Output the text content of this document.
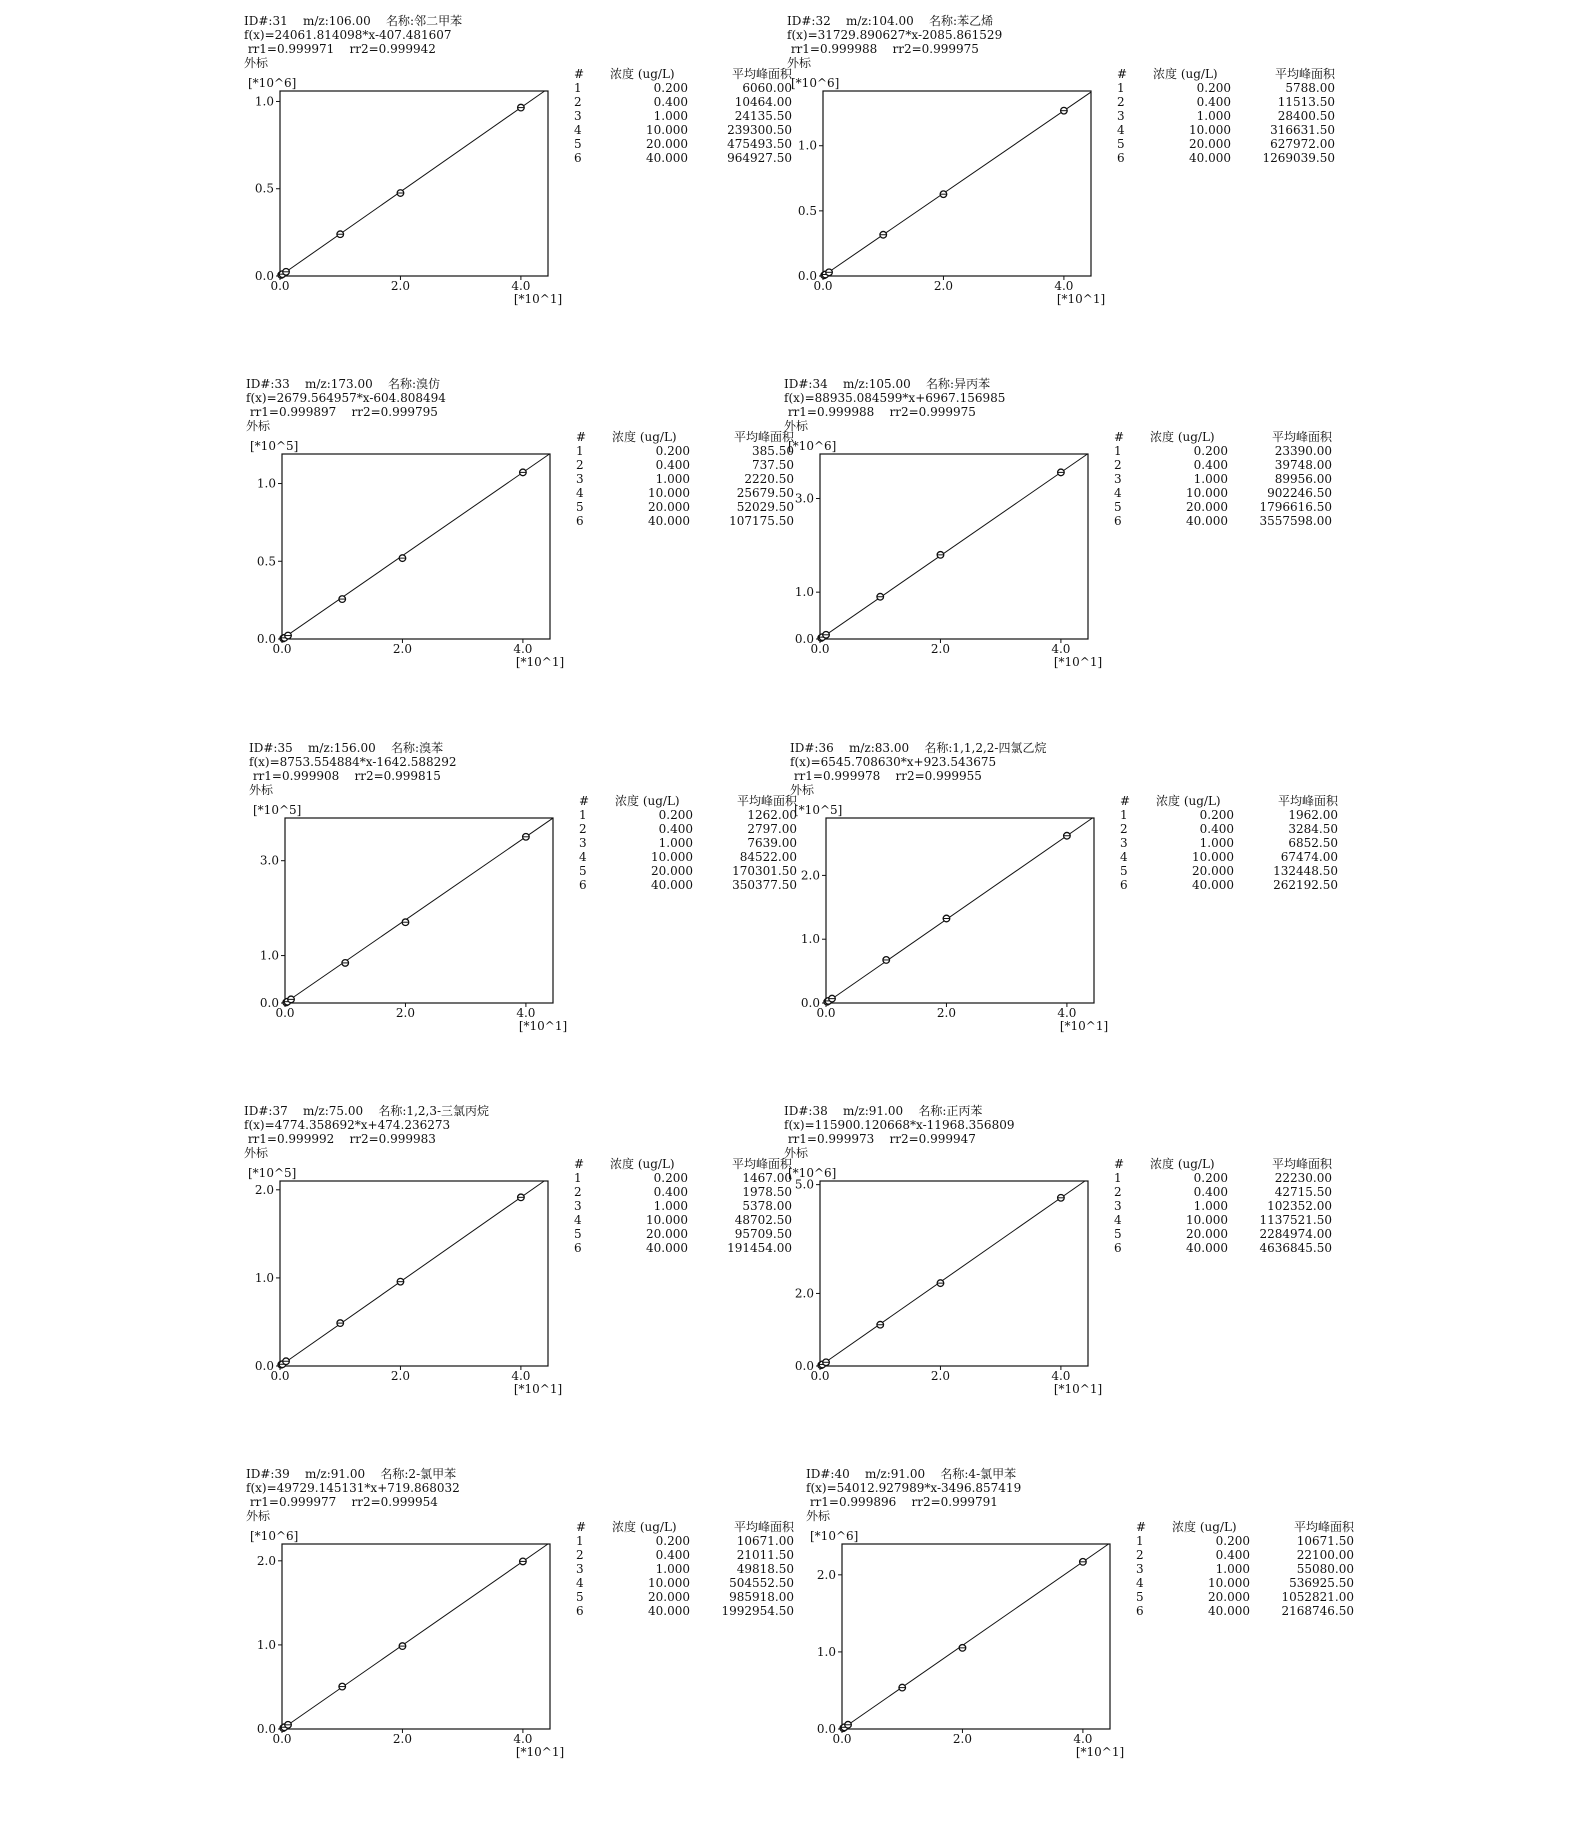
ID#:31    m/z:106.00    名称:邻二甲苯
f(x)=24061.814098*x-407.481607
rr1=0.999971    rr2=0.999942
外标
[*10^6]
0.0
0.5
1.0
0.0	2.0	4.0
[*10^1]
#	浓度 (ug/L)	平均峰面积
1	0.200	6060.00
2	0.400	10464.00
3	1.000	24135.50
4	10.000	239300.50
5	20.000	475493.50
6	40.000	964927.50
ID#:32    m/z:104.00    名称:苯乙烯
f(x)=31729.890627*x-2085.861529
rr1=0.999988    rr2=0.999975
外标
[*10^6]
0.0
0.5
1.0
0.0	2.0	4.0
[*10^1]
#	浓度 (ug/L)	平均峰面积
1	0.200	5788.00
2	0.400	11513.50
3	1.000	28400.50
4	10.000	316631.50
5	20.000	627972.00
6	40.000	1269039.50
ID#:33    m/z:173.00    名称:溴仿
f(x)=2679.564957*x-604.808494
rr1=0.999897    rr2=0.999795
外标
[*10^5]
0.0
0.5
1.0
0.0	2.0	4.0
[*10^1]
#	浓度 (ug/L)	平均峰面积
1	0.200	385.50
2	0.400	737.50
3	1.000	2220.50
4	10.000	25679.50
5	20.000	52029.50
6	40.000	107175.50
ID#:34    m/z:105.00    名称:异丙苯
f(x)=88935.084599*x+6967.156985
rr1=0.999988    rr2=0.999975
外标
[*10^6]
0.0
1.0
3.0
0.0	2.0	4.0
[*10^1]
#	浓度 (ug/L)	平均峰面积
1	0.200	23390.00
2	0.400	39748.00
3	1.000	89956.00
4	10.000	902246.50
5	20.000	1796616.50
6	40.000	3557598.00
ID#:35    m/z:156.00    名称:溴苯
f(x)=8753.554884*x-1642.588292
rr1=0.999908    rr2=0.999815
外标
[*10^5]
0.0
1.0
3.0
0.0	2.0	4.0
[*10^1]
#	浓度 (ug/L)	平均峰面积
1	0.200	1262.00
2	0.400	2797.00
3	1.000	7639.00
4	10.000	84522.00
5	20.000	170301.50
6	40.000	350377.50
ID#:36    m/z:83.00    名称:1,1,2,2-四氯乙烷
f(x)=6545.708630*x+923.543675
rr1=0.999978    rr2=0.999955
外标
[*10^5]
0.0
1.0
2.0
0.0	2.0	4.0
[*10^1]
#	浓度 (ug/L)	平均峰面积
1	0.200	1962.00
2	0.400	3284.50
3	1.000	6852.50
4	10.000	67474.00
5	20.000	132448.50
6	40.000	262192.50
ID#:37    m/z:75.00    名称:1,2,3-三氯丙烷
f(x)=4774.358692*x+474.236273
rr1=0.999992    rr2=0.999983
外标
[*10^5]
0.0
1.0
2.0
0.0	2.0	4.0
[*10^1]
#	浓度 (ug/L)	平均峰面积
1	0.200	1467.00
2	0.400	1978.50
3	1.000	5378.00
4	10.000	48702.50
5	20.000	95709.50
6	40.000	191454.00
ID#:38    m/z:91.00    名称:正丙苯
f(x)=115900.120668*x-11968.356809
rr1=0.999973    rr2=0.999947
外标
[*10^6]
0.0
2.0
5.0
0.0	2.0	4.0
[*10^1]
#	浓度 (ug/L)	平均峰面积
1	0.200	22230.00
2	0.400	42715.50
3	1.000	102352.00
4	10.000	1137521.50
5	20.000	2284974.00
6	40.000	4636845.50
ID#:39    m/z:91.00    名称:2-氯甲苯
f(x)=49729.145131*x+719.868032
rr1=0.999977    rr2=0.999954
外标
[*10^6]
0.0
1.0
2.0
0.0	2.0	4.0
[*10^1]
#	浓度 (ug/L)	平均峰面积
1	0.200	10671.00
2	0.400	21011.50
3	1.000	49818.50
4	10.000	504552.50
5	20.000	985918.00
6	40.000	1992954.50
ID#:40    m/z:91.00    名称:4-氯甲苯
f(x)=54012.927989*x-3496.857419
rr1=0.999896    rr2=0.999791
外标
[*10^6]
0.0
1.0
2.0
0.0	2.0	4.0
[*10^1]
#	浓度 (ug/L)	平均峰面积
1	0.200	10671.50
2	0.400	22100.00
3	1.000	55080.00
4	10.000	536925.50
5	20.000	1052821.00
6	40.000	2168746.50
